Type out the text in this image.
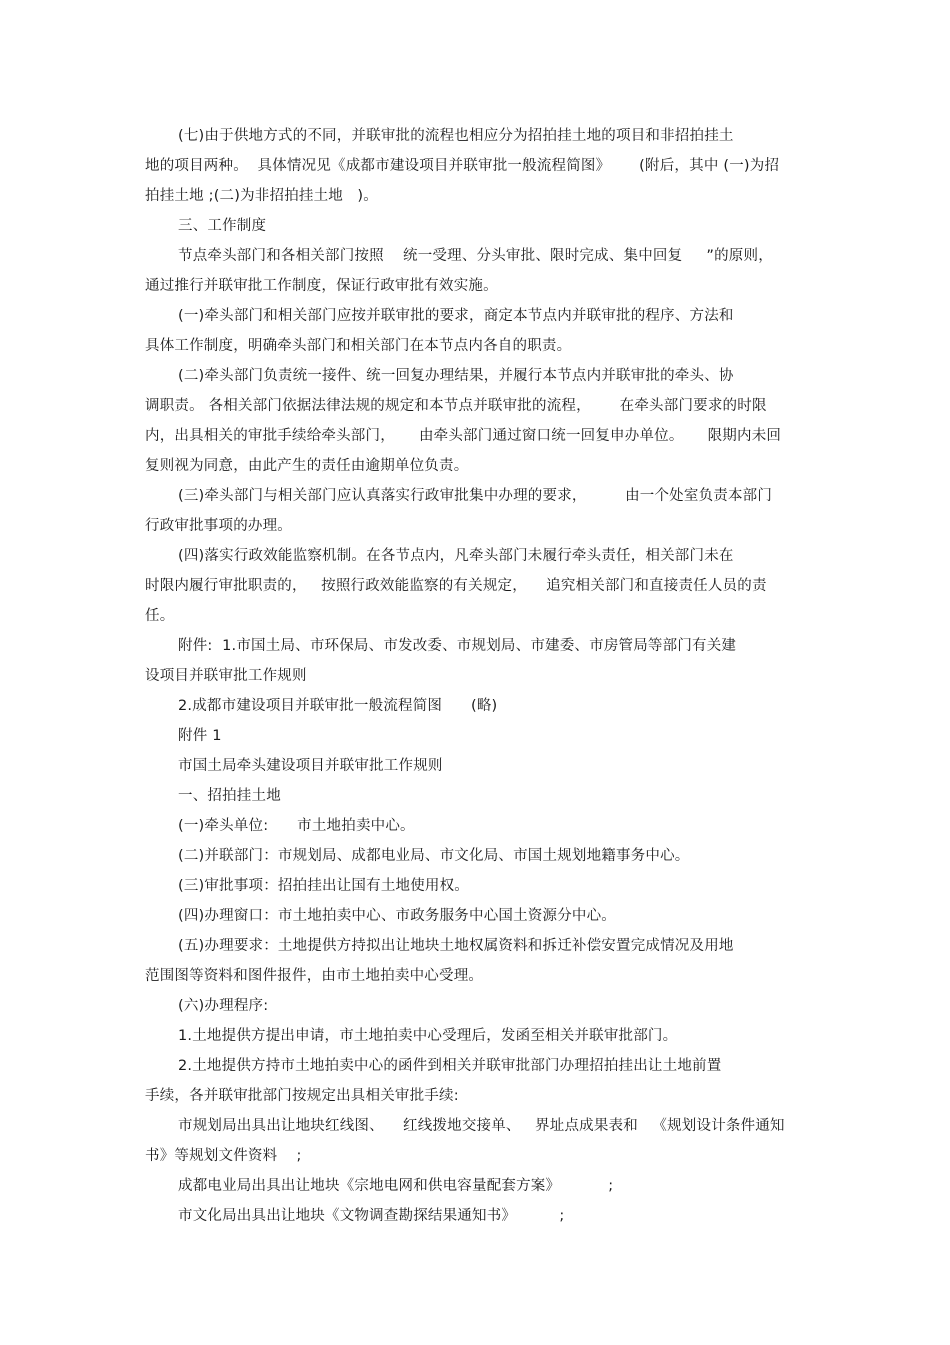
(七)由于供地方式的不同，并联审批的流程也相应分为招拍挂土地的项目和非招拍挂土
地的项目两种。  具体情况见《成都市建设项目并联审批一般流程简图》      (附后，其中 (一)为招
拍挂土地 ;(二)为非招拍挂土地   )。
三、工作制度
节点牵头部门和各相关部门按照    统一受理、分头审批、限时完成、集中回复     ”的原则，
通过推行并联审批工作制度，保证行政审批有效实施。
(一)牵头部门和相关部门应按并联审批的要求，商定本节点内并联审批的程序、方法和
具体工作制度，明确牵头部门和相关部门在本节点内各自的职责。
(二)牵头部门负责统一接件、统一回复办理结果，并履行本节点内并联审批的牵头、协
调职责。 各相关部门依据法律法规的规定和本节点并联审批的流程，      在牵头部门要求的时限
内，出具相关的审批手续给牵头部门，     由牵头部门通过窗口统一回复申办单位。     限期内未回
复则视为同意，由此产生的责任由逾期单位负责。
(三)牵头部门与相关部门应认真落实行政审批集中办理的要求，        由一个处室负责本部门
行政审批事项的办理。
(四)落实行政效能监察机制。在各节点内，凡牵头部门未履行牵头责任，相关部门未在
时限内履行审批职责的，   按照行政效能监察的有关规定，    追究相关部门和直接责任人员的责
任。
附件:  1.市国土局、市环保局、市发改委、市规划局、市建委、市房管局等部门有关建
设项目并联审批工作规则
2.成都市建设项目并联审批一般流程简图      (略)
附件 1
市国土局牵头建设项目并联审批工作规则
一、招拍挂土地
(一)牵头单位:      市土地拍卖中心。
(二)并联部门：市规划局、成都电业局、市文化局、市国土规划地籍事务中心。
(三)审批事项：招拍挂出让国有土地使用权。
(四)办理窗口：市土地拍卖中心、市政务服务中心国土资源分中心。
(五)办理要求：土地提供方持拟出让地块土地权属资料和拆迁补偿安置完成情况及用地
范围图等资料和图件报件，由市土地拍卖中心受理。
(六)办理程序:
1.土地提供方提出申请，市土地拍卖中心受理后，发函至相关并联审批部门。
2.土地提供方持市土地拍卖中心的函件到相关并联审批部门办理招拍挂出让土地前置
手续，各并联审批部门按规定出具相关审批手续:
市规划局出具出让地块红线图、    红线拨地交接单、   界址点成果表和   《规划设计条件通知
书》等规划文件资料    ;
成都电业局出具出让地块《宗地电网和供电容量配套方案》          ;
市文化局出具出让地块《文物调查勘探结果通知书》         ;
